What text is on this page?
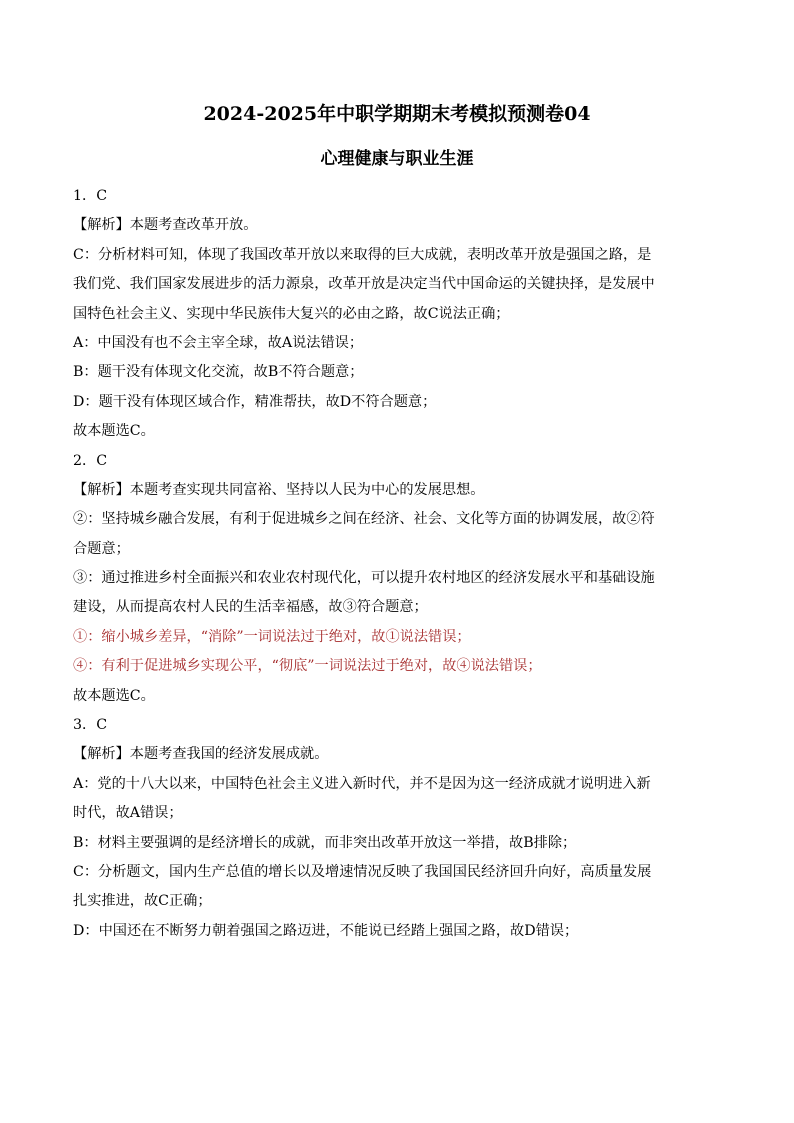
2024-2025年中职学期期末考模拟预测卷04
心理健康与职业生涯
1．C
【解析】本题考查改革开放。
C：分析材料可知，体现了我国改革开放以来取得的巨大成就，表明改革开放是强国之路，是
我们党、我们国家发展进步的活力源泉，改革开放是决定当代中国命运的关键抉择，是发展中
国特色社会主义、实现中华民族伟大复兴的必由之路，故C说法正确；
A：中国没有也不会主宰全球，故A说法错误；
B：题干没有体现文化交流，故B不符合题意；
D：题干没有体现区域合作，精准帮扶，故D不符合题意；
故本题选C。
2．C
【解析】本题考查实现共同富裕、坚持以人民为中心的发展思想。
②：坚持城乡融合发展，有利于促进城乡之间在经济、社会、文化等方面的协调发展，故②符
合题意；
③：通过推进乡村全面振兴和农业农村现代化，可以提升农村地区的经济发展水平和基础设施
建设，从而提高农村人民的生活幸福感，故③符合题意；
①：缩小城乡差异，“消除”一词说法过于绝对，故①说法错误；
④：有利于促进城乡实现公平，“彻底”一词说法过于绝对，故④说法错误；
故本题选C。
3．C
【解析】本题考查我国的经济发展成就。
A：党的十八大以来，中国特色社会主义进入新时代，并不是因为这一经济成就才说明进入新
时代，故A错误；
B：材料主要强调的是经济增长的成就，而非突出改革开放这一举措，故B排除；
C：分析题文，国内生产总值的增长以及增速情况反映了我国国民经济回升向好，高质量发展
扎实推进，故C正确；
D：中国还在不断努力朝着强国之路迈进，不能说已经踏上强国之路，故D错误；
